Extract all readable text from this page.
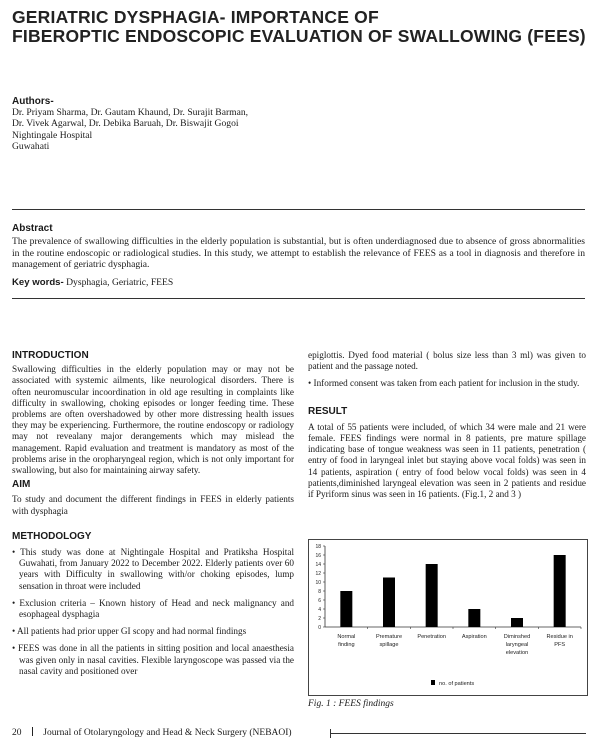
GERIATRIC DYSPHAGIA- IMPORTANCE OF
FIBEROPTIC ENDOSCOPIC EVALUATION OF SWALLOWING (FEES)
Authors-
Dr. Priyam Sharma, Dr. Gautam Khaund, Dr. Surajit Barman,
Dr. Vivek Agarwal, Dr. Debika Baruah, Dr. Biswajit Gogoi
Nightingale Hospital
Guwahati
Abstract
The prevalence of swallowing difficulties in the elderly population is substantial, but is often underdiagnosed due to absence of gross abnormalities in the routine endoscopic or radiological studies. In this study, we attempt to establish the relevance of FEES as a tool in diagnosis and therefore in management of geriatric dysphagia.
Key words- Dysphagia, Geriatric, FEES
INTRODUCTION
Swallowing difficulties in the elderly population may or may not be associated with systemic ailments, like neurological disorders. There is often neuromuscular incoordination in old age resulting in complaints like difficulty in swallowing, choking episodes or longer feeding time. These problems are often overshadowed by other more distressing health issues they may be experiencing. Furthermore, the routine endoscopy or radiology may not revealany major derangements which may mislead the management. Rapid evaluation and treatment is mandatory as most of the problems arise in the oropharyngeal region, which is not only important for swallowing, but also for maintaining airway safety.
AIM
To study and document the different findings in FEES in elderly patients with dysphagia
METHODOLOGY
• This study was done at Nightingale Hospital and Pratiksha Hospital Guwahati, from January 2022 to December 2022. Elderly patients over 60 years with Difficulty in swallowing with/or choking episodes, lump sensation in throat were included
• Exclusion criteria – Known history of Head and neck malignancy and esophageal dysphagia
• All patients had prior upper GI scopy and had normal findings
• FEES was done in all the patients in sitting position and local anaesthesia was given only in nasal cavities. Flexible laryngoscope was passed via the nasal cavity and positioned over
epiglottis. Dyed food material ( bolus size less than 3 ml) was given to patient and the passage noted.
• Informed consent was taken from each patient for inclusion in the study.
RESULT
A total of 55 patients were included, of which 34 were male and 21 were female. FEES findings were normal in 8 patients, pre mature spillage indicating base of tongue weakness was seen in 11 patients, penetration ( entry of food in laryngeal inlet but staying above vocal folds) was seen in 14 patients, aspiration ( entry of food below vocal folds) was seen in 4 patients,diminished laryngeal elevation was seen in 2 patients and residue if Pyriform sinus was seen in 16 patients. (Fig.1, 2 and 3 )
0
2
4
6
8
10
12
14
16
18
Normal
finding
Premature
spillage
Penetration	Aspiration	Diminshed
laryngeal
elevation
Residue in
PFS
no. of patients
Fig. 1 : FEES findings
20 Journal of Otolaryngology and Head & Neck Surgery (NEBAOI)
